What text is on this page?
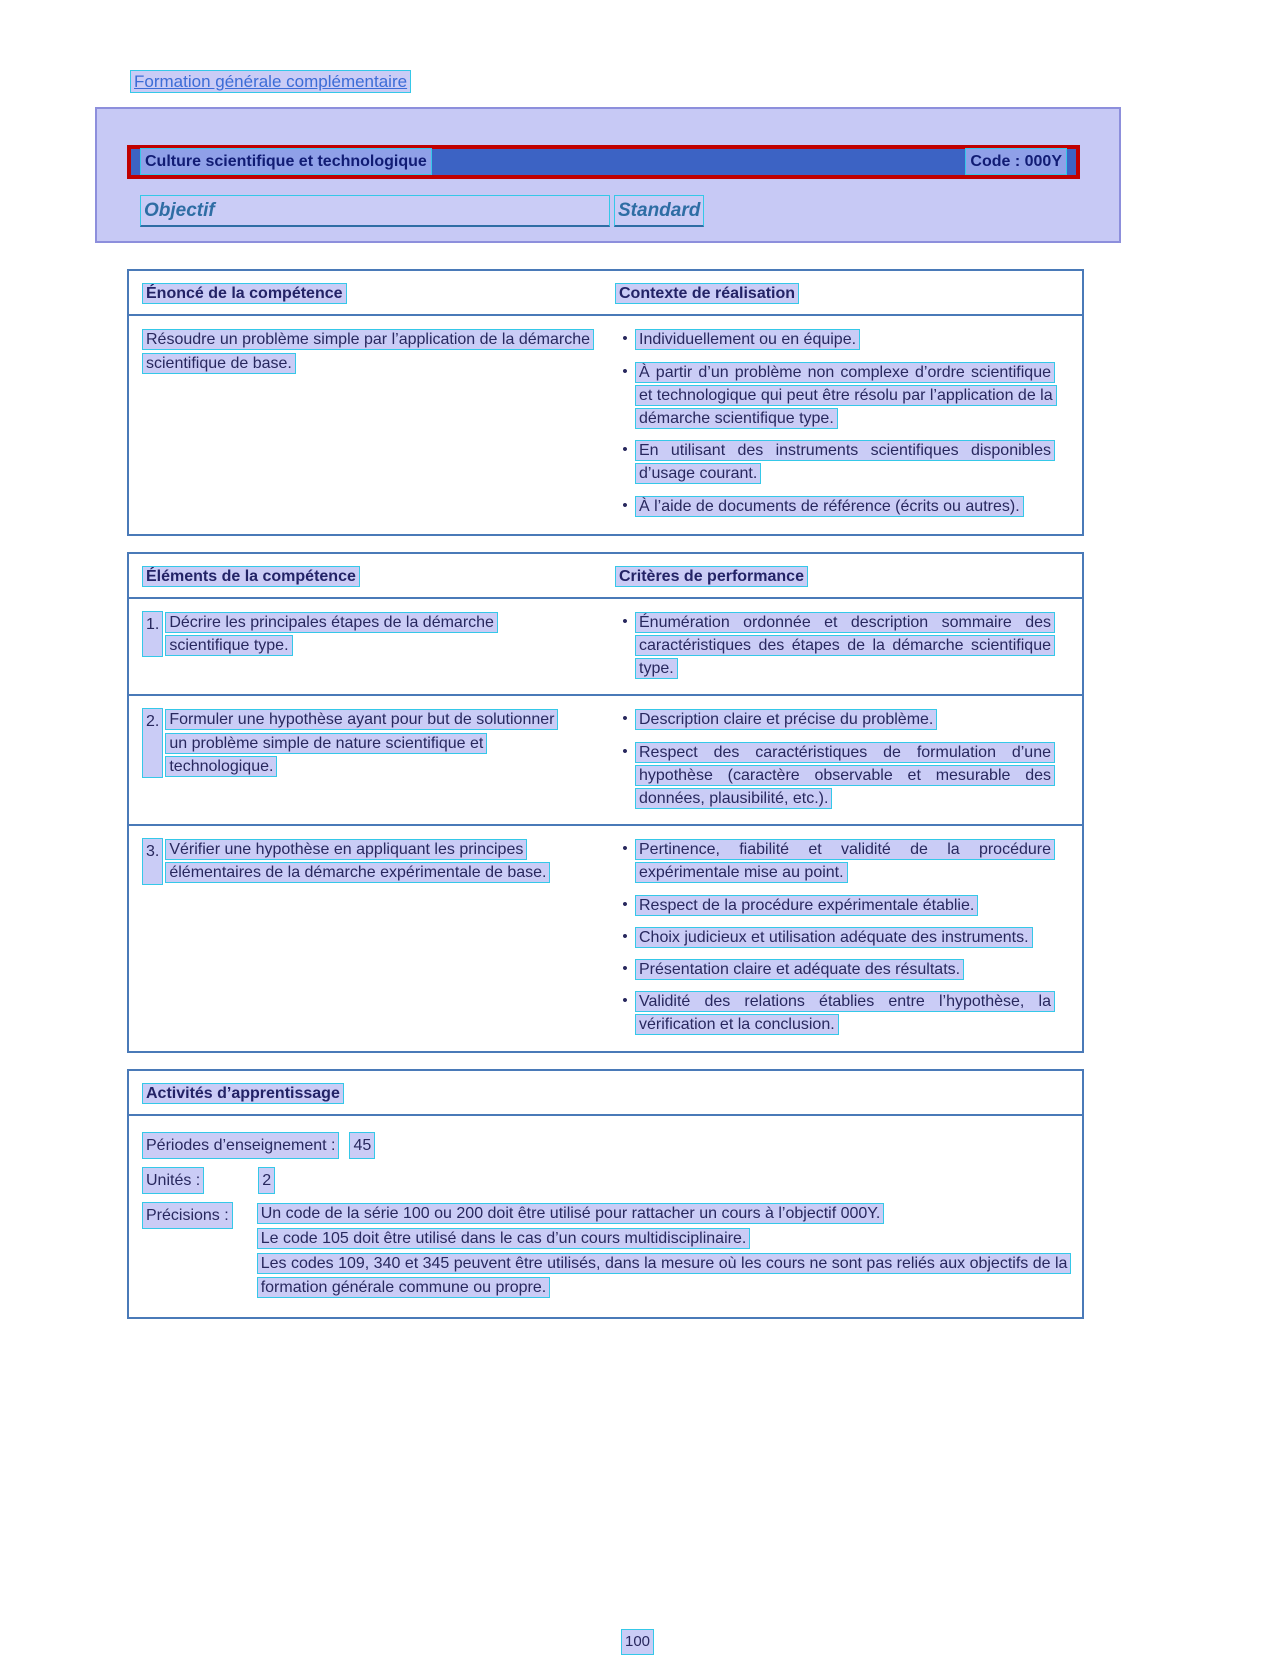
Formation générale complémentaire
Culture scientifique et technologique	Code : 000Y
Objectif	Standard
Énoncé de la compétence	Contexte de réalisation
Résoudre un problème simple par l’application de la démarche scientifique de base.
• Individuellement ou en équipe.
• À partir d’un problème non complexe d’ordre scientifique et technologique qui peut être résolu par l’application de la démarche scientifique type.
• En utilisant des instruments scientifiques disponibles d’usage courant.
• À l’aide de documents de référence (écrits ou autres).
Éléments de la compétence	Critères de performance
1. Décrire les principales étapes de la démarche scientifique type.
• Énumération ordonnée et description sommaire des caractéristiques des étapes de la démarche scientifique type.
2. Formuler une hypothèse ayant pour but de solutionner un problème simple de nature scientifique et technologique.
• Description claire et précise du problème.
• Respect des caractéristiques de formulation d’une hypothèse (caractère observable et mesurable des données, plausibilité, etc.).
3. Vérifier une hypothèse en appliquant les principes élémentaires de la démarche expérimentale de base.
• Pertinence, fiabilité et validité de la procédure expérimentale mise au point.
• Respect de la procédure expérimentale établie.
• Choix judicieux et utilisation adéquate des instruments.
• Présentation claire et adéquate des résultats.
• Validité des relations établies entre l’hypothèse, la vérification et la conclusion.
Activités d’apprentissage
Périodes d’enseignement : 45
Unités :	2
Précisions : Un code de la série 100 ou 200 doit être utilisé pour rattacher un cours à l’objectif 000Y.
Le code 105 doit être utilisé dans le cas d’un cours multidisciplinaire.
Les codes 109, 340 et 345 peuvent être utilisés, dans la mesure où les cours ne sont pas reliés aux objectifs de la formation générale commune ou propre.
100
